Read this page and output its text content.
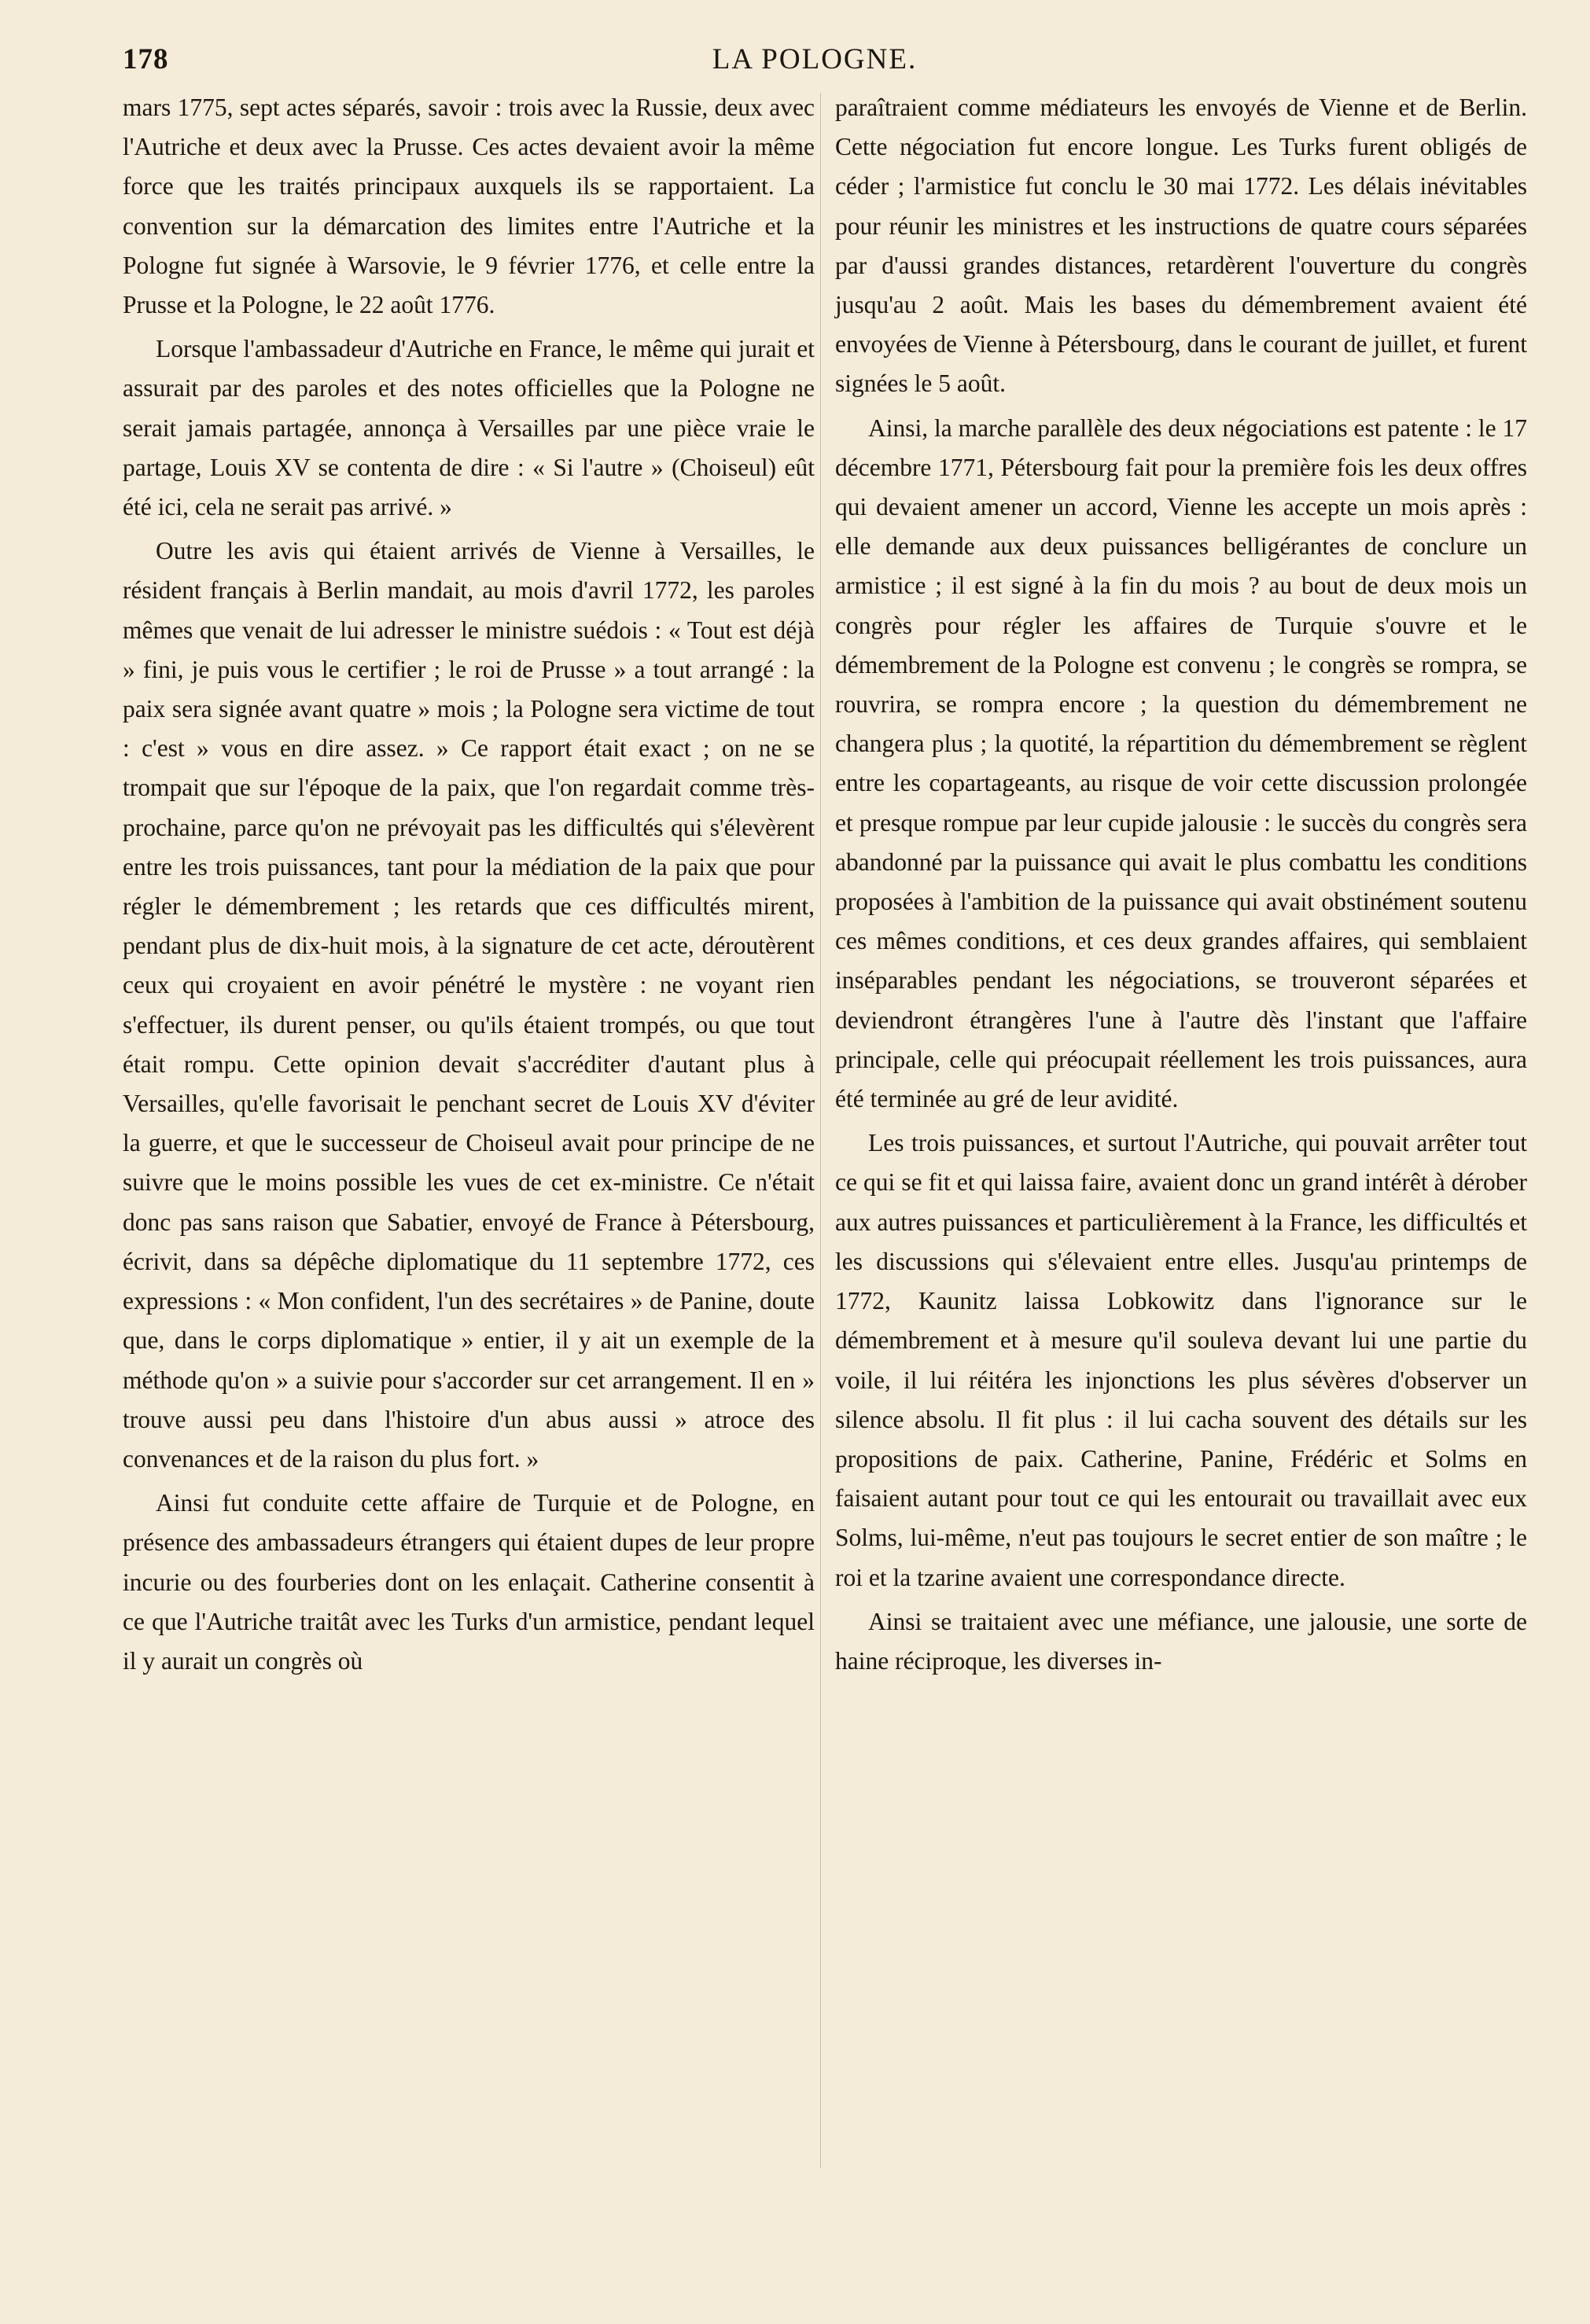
178	LA POLOGNE.

mars 1775, sept actes séparés, savoir : trois avec la Russie, deux avec l'Autriche et deux avec la Prusse. Ces actes devaient avoir la même force que les traités principaux auxquels ils se rapportaient. La convention sur la démarcation des limites entre l'Autriche et la Pologne fut signée à Warsovie, le 9 février 1776, et celle entre la Prusse et la Pologne, le 22 août 1776.

Lorsque l'ambassadeur d'Autriche en France, le même qui jurait et assurait par des paroles et des notes officielles que la Pologne ne serait jamais partagée, annonça à Versailles par une pièce vraie le partage, Louis XV se contenta de dire : « Si l'autre » (Choiseul) eût été ici, cela ne serait pas arrivé. »

Outre les avis qui étaient arrivés de Vienne à Versailles, le résident français à Berlin mandait, au mois d'avril 1772, les paroles mêmes que venait de lui adresser le ministre suédois : « Tout est déjà » fini, je puis vous le certifier ; le roi de Prusse » a tout arrangé : la paix sera signée avant quatre » mois ; la Pologne sera victime de tout : c'est » vous en dire assez. » Ce rapport était exact ; on ne se trompait que sur l'époque de la paix, que l'on regardait comme très-prochaine, parce qu'on ne prévoyait pas les difficultés qui s'élevèrent entre les trois puissances, tant pour la médiation de la paix que pour régler le démembrement ; les retards que ces difficultés mirent, pendant plus de dix-huit mois, à la signature de cet acte, déroutèrent ceux qui croyaient en avoir pénétré le mystère : ne voyant rien s'effectuer, ils durent penser, ou qu'ils étaient trompés, ou que tout était rompu. Cette opinion devait s'accréditer d'autant plus à Versailles, qu'elle favorisait le penchant secret de Louis XV d'éviter la guerre, et que le successeur de Choiseul avait pour principe de ne suivre que le moins possible les vues de cet ex-ministre. Ce n'était donc pas sans raison que Sabatier, envoyé de France à Pétersbourg, écrivit, dans sa dépêche diplomatique du 11 septembre 1772, ces expressions : « Mon confident, l'un des secrétaires » de Panine, doute que, dans le corps diplomatique » entier, il y ait un exemple de la méthode qu'on » a suivie pour s'accorder sur cet arrangement. Il en » trouve aussi peu dans l'histoire d'un abus aussi » atroce des convenances et de la raison du plus fort. »

Ainsi fut conduite cette affaire de Turquie et de Pologne, en présence des ambassadeurs étrangers qui étaient dupes de leur propre incurie ou des fourberies dont on les enlaçait. Catherine consentit à ce que l'Autriche traitât avec les Turks d'un armistice, pendant lequel il y aurait un congrès où

paraîtraient comme médiateurs les envoyés de Vienne et de Berlin. Cette négociation fut encore longue. Les Turks furent obligés de céder ; l'armistice fut conclu le 30 mai 1772. Les délais inévitables pour réunir les ministres et les instructions de quatre cours séparées par d'aussi grandes distances, retardèrent l'ouverture du congrès jusqu'au 2 août. Mais les bases du démembrement avaient été envoyées de Vienne à Pétersbourg, dans le courant de juillet, et furent signées le 5 août.

Ainsi, la marche parallèle des deux négociations est patente : le 17 décembre 1771, Pétersbourg fait pour la première fois les deux offres qui devaient amener un accord, Vienne les accepte un mois après : elle demande aux deux puissances belligérantes de conclure un armistice ; il est signé à la fin du mois ? au bout de deux mois un congrès pour régler les affaires de Turquie s'ouvre et le démembrement de la Pologne est convenu ; le congrès se rompra, se rouvrira, se rompra encore ; la question du démembrement ne changera plus ; la quotité, la répartition du démembrement se règlent entre les copartageants, au risque de voir cette discussion prolongée et presque rompue par leur cupide jalousie : le succès du congrès sera abandonné par la puissance qui avait le plus combattu les conditions proposées à l'ambition de la puissance qui avait obstinément soutenu ces mêmes conditions, et ces deux grandes affaires, qui semblaient inséparables pendant les négociations, se trouveront séparées et deviendront étrangères l'une à l'autre dès l'instant que l'affaire principale, celle qui préocupait réellement les trois puissances, aura été terminée au gré de leur avidité.

Les trois puissances, et surtout l'Autriche, qui pouvait arrêter tout ce qui se fit et qui laissa faire, avaient donc un grand intérêt à dérober aux autres puissances et particulièrement à la France, les difficultés et les discussions qui s'élevaient entre elles. Jusqu'au printemps de 1772, Kaunitz laissa Lobkowitz dans l'ignorance sur le démembrement et à mesure qu'il souleva devant lui une partie du voile, il lui réitéra les injonctions les plus sévères d'observer un silence absolu. Il fit plus : il lui cacha souvent des détails sur les propositions de paix. Catherine, Panine, Frédéric et Solms en faisaient autant pour tout ce qui les entourait ou travaillait avec eux Solms, lui-même, n'eut pas toujours le secret entier de son maître ; le roi et la tzarine avaient une correspondance directe.

Ainsi se traitaient avec une méfiance, une jalousie, une sorte de haine réciproque, les diverses in-
